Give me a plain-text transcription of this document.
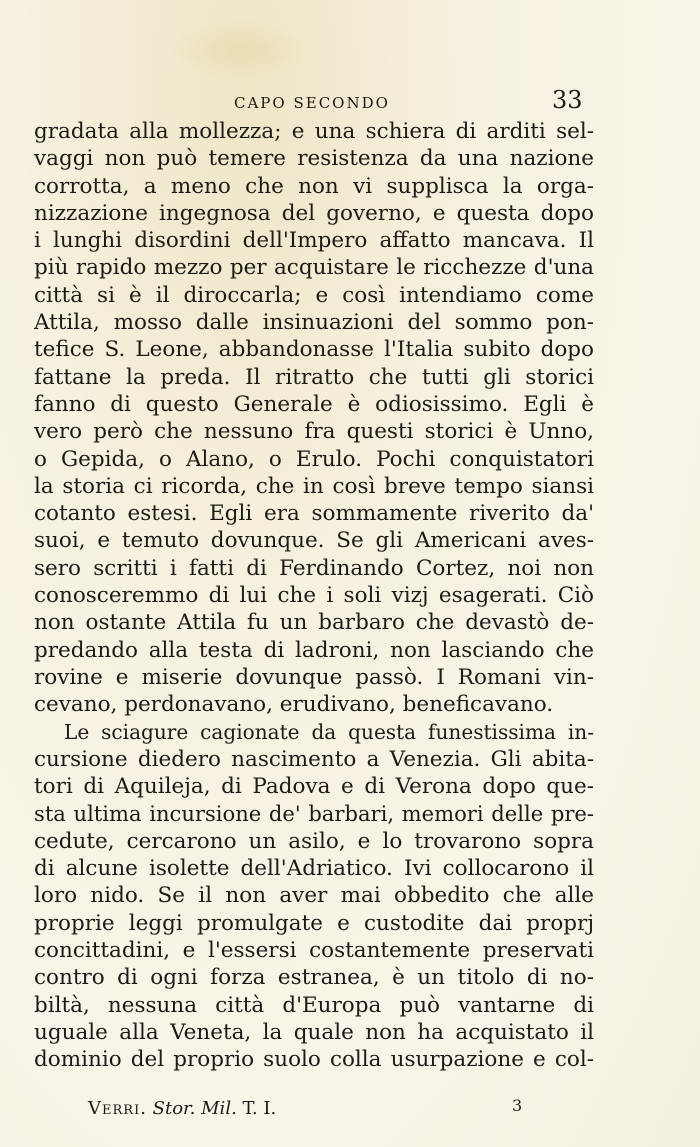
CAPO SECONDO	33
gradata alla mollezza; e una schiera di arditi sel-
vaggi non può temere resistenza da una nazione
corrotta, a meno che non vi supplisca la orga-
nizzazione ingegnosa del governo, e questa dopo
i lunghi disordini dell'Impero affatto mancava. Il
più rapido mezzo per acquistare le ricchezze d'una
città si è il diroccarla; e così intendiamo come
Attila, mosso dalle insinuazioni del sommo pon-
tefice S. Leone, abbandonasse l'Italia subito dopo
fattane la preda. Il ritratto che tutti gli storici
fanno di questo Generale è odiosissimo. Egli è
vero però che nessuno fra questi storici è Unno,
o Gepida, o Alano, o Erulo. Pochi conquistatori
la storia ci ricorda, che in così breve tempo siansi
cotanto estesi. Egli era sommamente riverito da'
suoi, e temuto dovunque. Se gli Americani aves-
sero scritti i fatti di Ferdinando Cortez, noi non
conosceremmo di lui che i soli vizj esagerati. Ciò
non ostante Attila fu un barbaro che devastò de-
predando alla testa di ladroni, non lasciando che
rovine e miserie dovunque passò. I Romani vin-
cevano, perdonavano, erudivano, beneficavano.
Le sciagure cagionate da questa funestissima in-
cursione diedero nascimento a Venezia. Gli abita-
tori di Aquileja, di Padova e di Verona dopo que-
sta ultima incursione de' barbari, memori delle pre-
cedute, cercarono un asilo, e lo trovarono sopra
di alcune isolette dell'Adriatico. Ivi collocarono il
loro nido. Se il non aver mai obbedito che alle
proprie leggi promulgate e custodite dai proprj
concittadini, e l'essersi costantemente preservati
contro di ogni forza estranea, è un titolo di no-
biltà, nessuna città d'Europa può vantarne di
uguale alla Veneta, la quale non ha acquistato il
dominio del proprio suolo colla usurpazione e col-
Verri. Stor. Mil. T. I.	3
